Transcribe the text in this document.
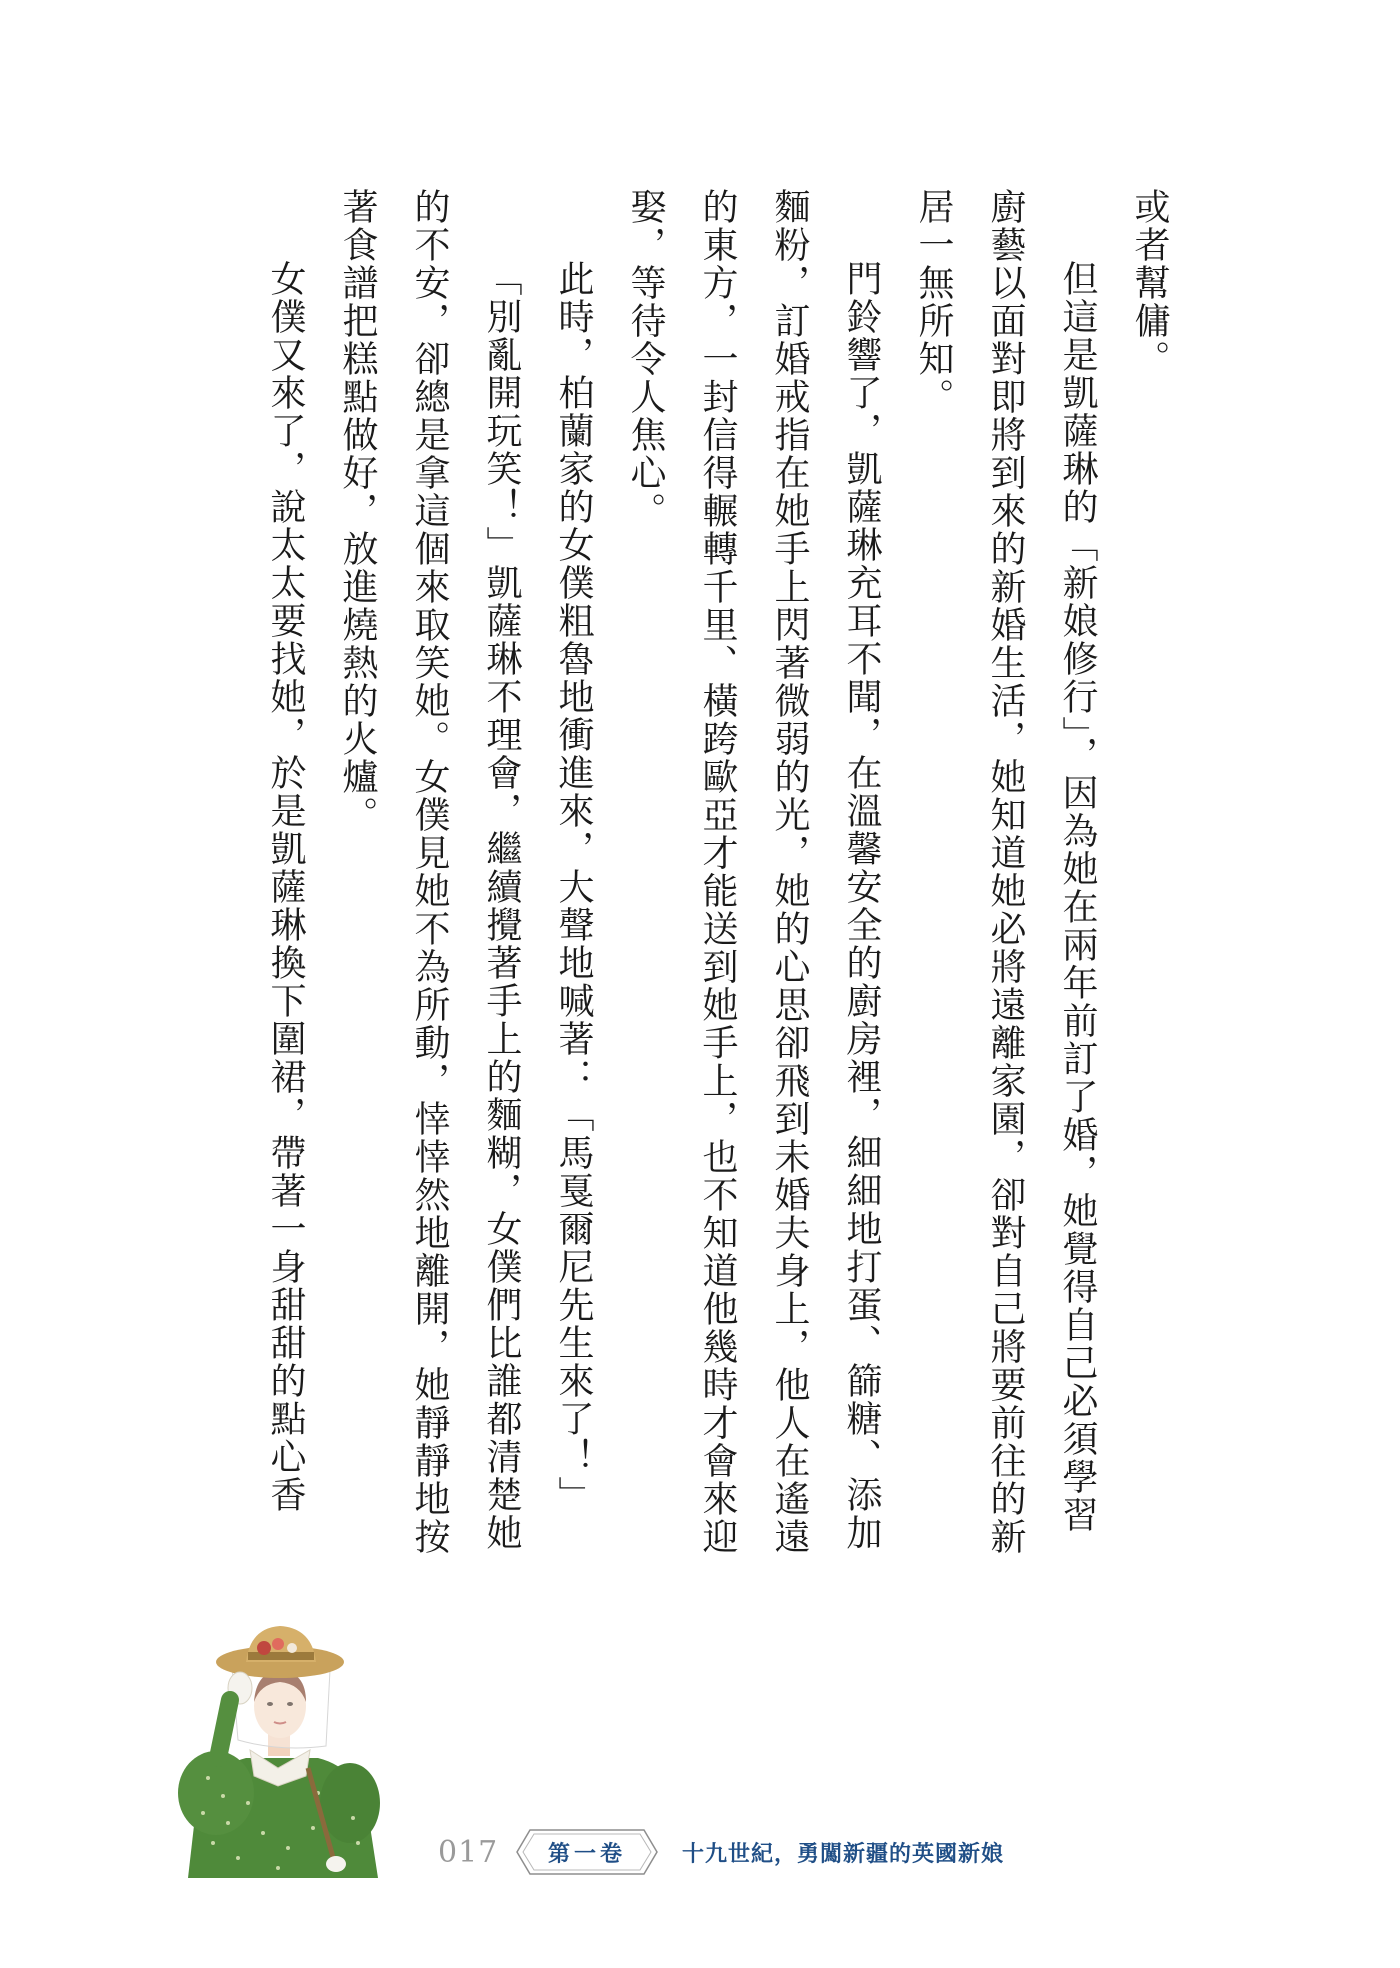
或者幫傭。

但這是凱薩琳的「新娘修行」，因為她在兩年前訂了婚，她覺得自己必須學習廚藝以面對即將到來的新婚生活，她知道她必將遠離家園，卻對自己將要前往的新居一無所知。

門鈴響了，凱薩琳充耳不聞，在溫馨安全的廚房裡，細細地打蛋、篩糖、添加麵粉，訂婚戒指在她手上閃著微弱的光，她的心思卻飛到未婚夫身上，他人在遙遠的東方，一封信得輾轉千里、橫跨歐亞才能送到她手上，也不知道他幾時才會來迎娶，等待令人焦心。

此時，柏蘭家的女僕粗魯地衝進來，大聲地喊著：「馬戛爾尼先生來了！」

「別亂開玩笑！」凱薩琳不理會，繼續攪著手上的麵糊，女僕們比誰都清楚她的不安，卻總是拿這個來取笑她。女僕見她不為所動，悻悻然地離開，她靜靜地按著食譜把糕點做好，放進燒熱的火爐。

女僕又來了，說太太要找她，於是凱薩琳換下圍裙，帶著一身甜甜的點心香

017	第一卷	十九世紀，勇闖新疆的英國新娘
